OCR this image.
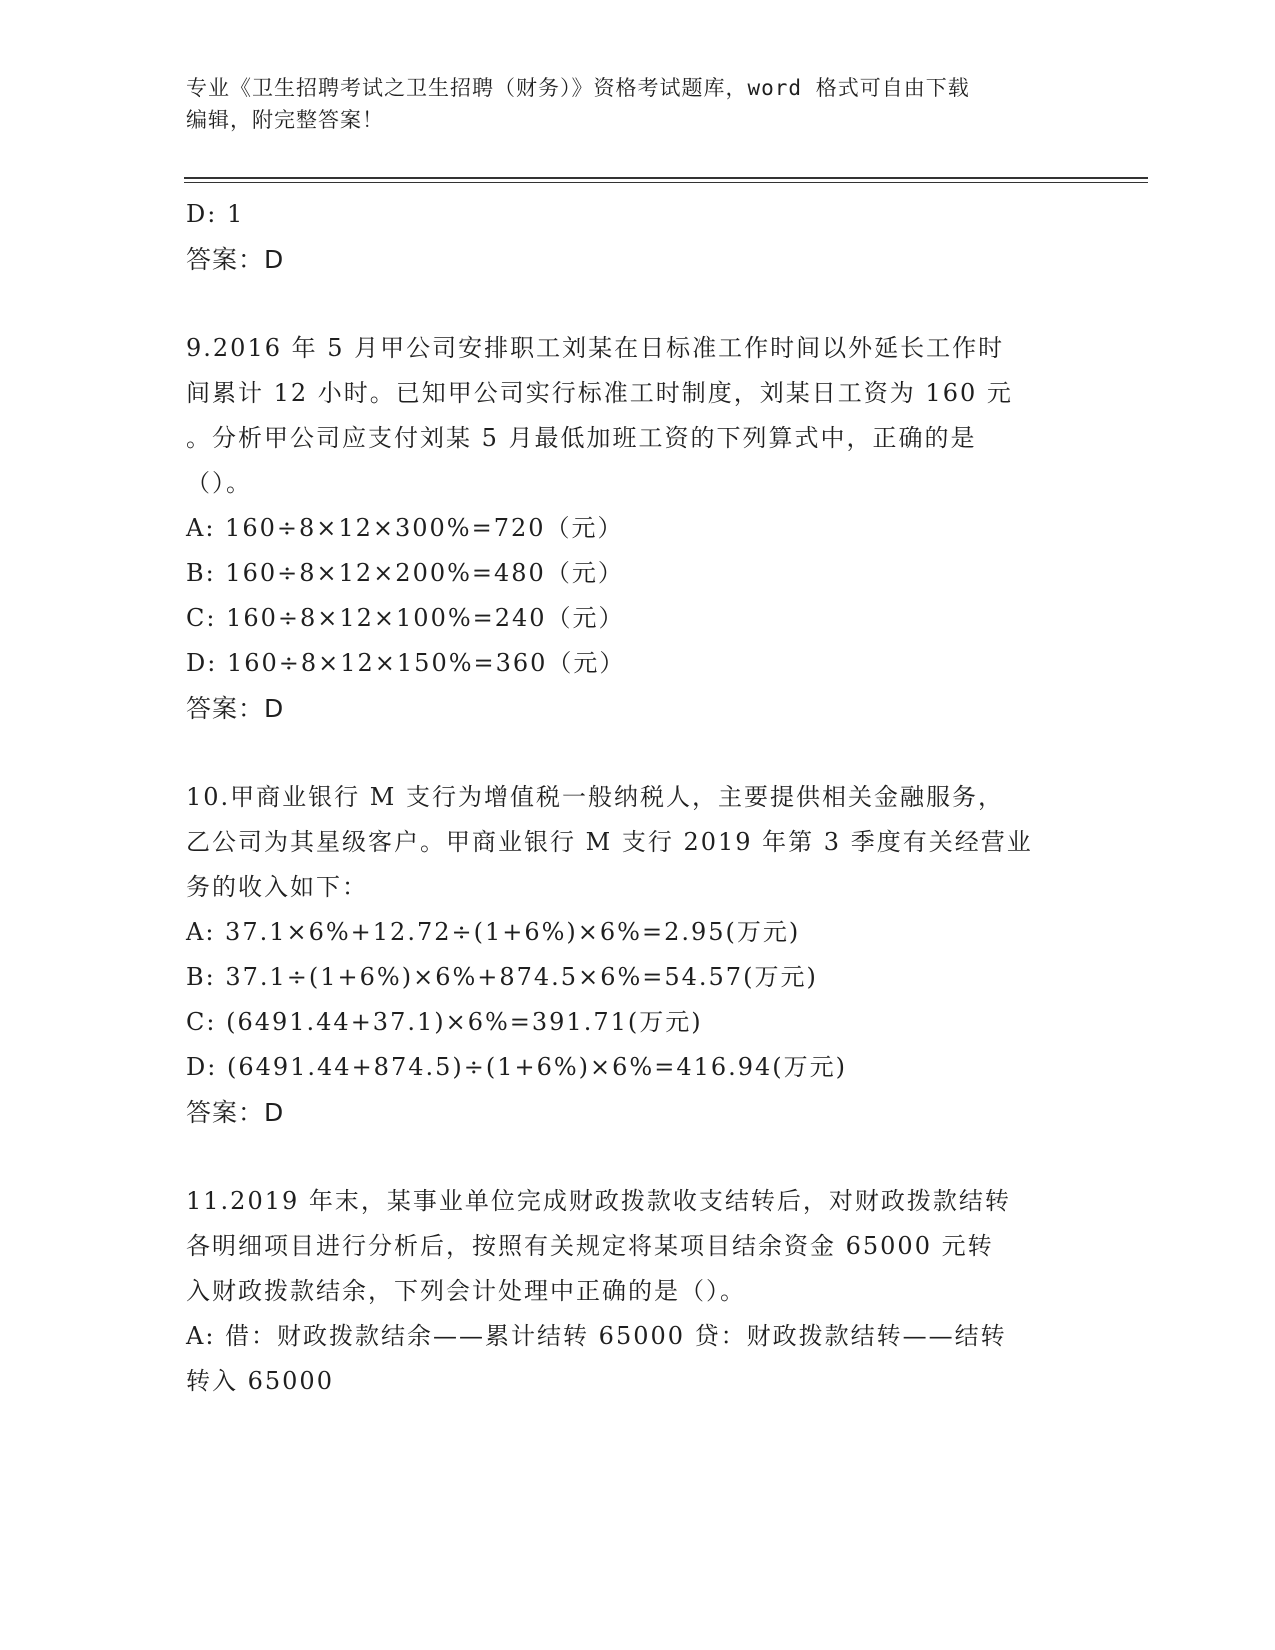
专业《卫生招聘考试之卫生招聘（财务）》资格考试题库，word 格式可自由下载
编辑，附完整答案！

D: 1

答案：D

9.2016 年 5 月甲公司安排职工刘某在日标准工作时间以外延长工作时

间累计 12 小时。已知甲公司实行标准工时制度，刘某日工资为 160 元

。分析甲公司应支付刘某 5 月最低加班工资的下列算式中，正确的是

（）。

A: 160÷8×12×300%=720（元）

B: 160÷8×12×200%=480（元）

C: 160÷8×12×100%=240（元）

D: 160÷8×12×150%=360（元）

答案：D

10.甲商业银行 M 支行为增值税一般纳税人，主要提供相关金融服务，

乙公司为其星级客户。甲商业银行 M 支行 2019 年第 3 季度有关经营业

务的收入如下：

A: 37.1×6%+12.72÷(1+6%)×6%=2.95(万元)

B: 37.1÷(1+6%)×6%+874.5×6%=54.57(万元)

C: (6491.44+37.1)×6%=391.71(万元)

D: (6491.44+874.5)÷(1+6%)×6%=416.94(万元)

答案：D

11.2019 年末，某事业单位完成财政拨款收支结转后，对财政拨款结转

各明细项目进行分析后，按照有关规定将某项目结余资金 65000 元转

入财政拨款结余，下列会计处理中正确的是（）。

A: 借：财政拨款结余——累计结转 65000 贷：财政拨款结转——结转

转入 65000
